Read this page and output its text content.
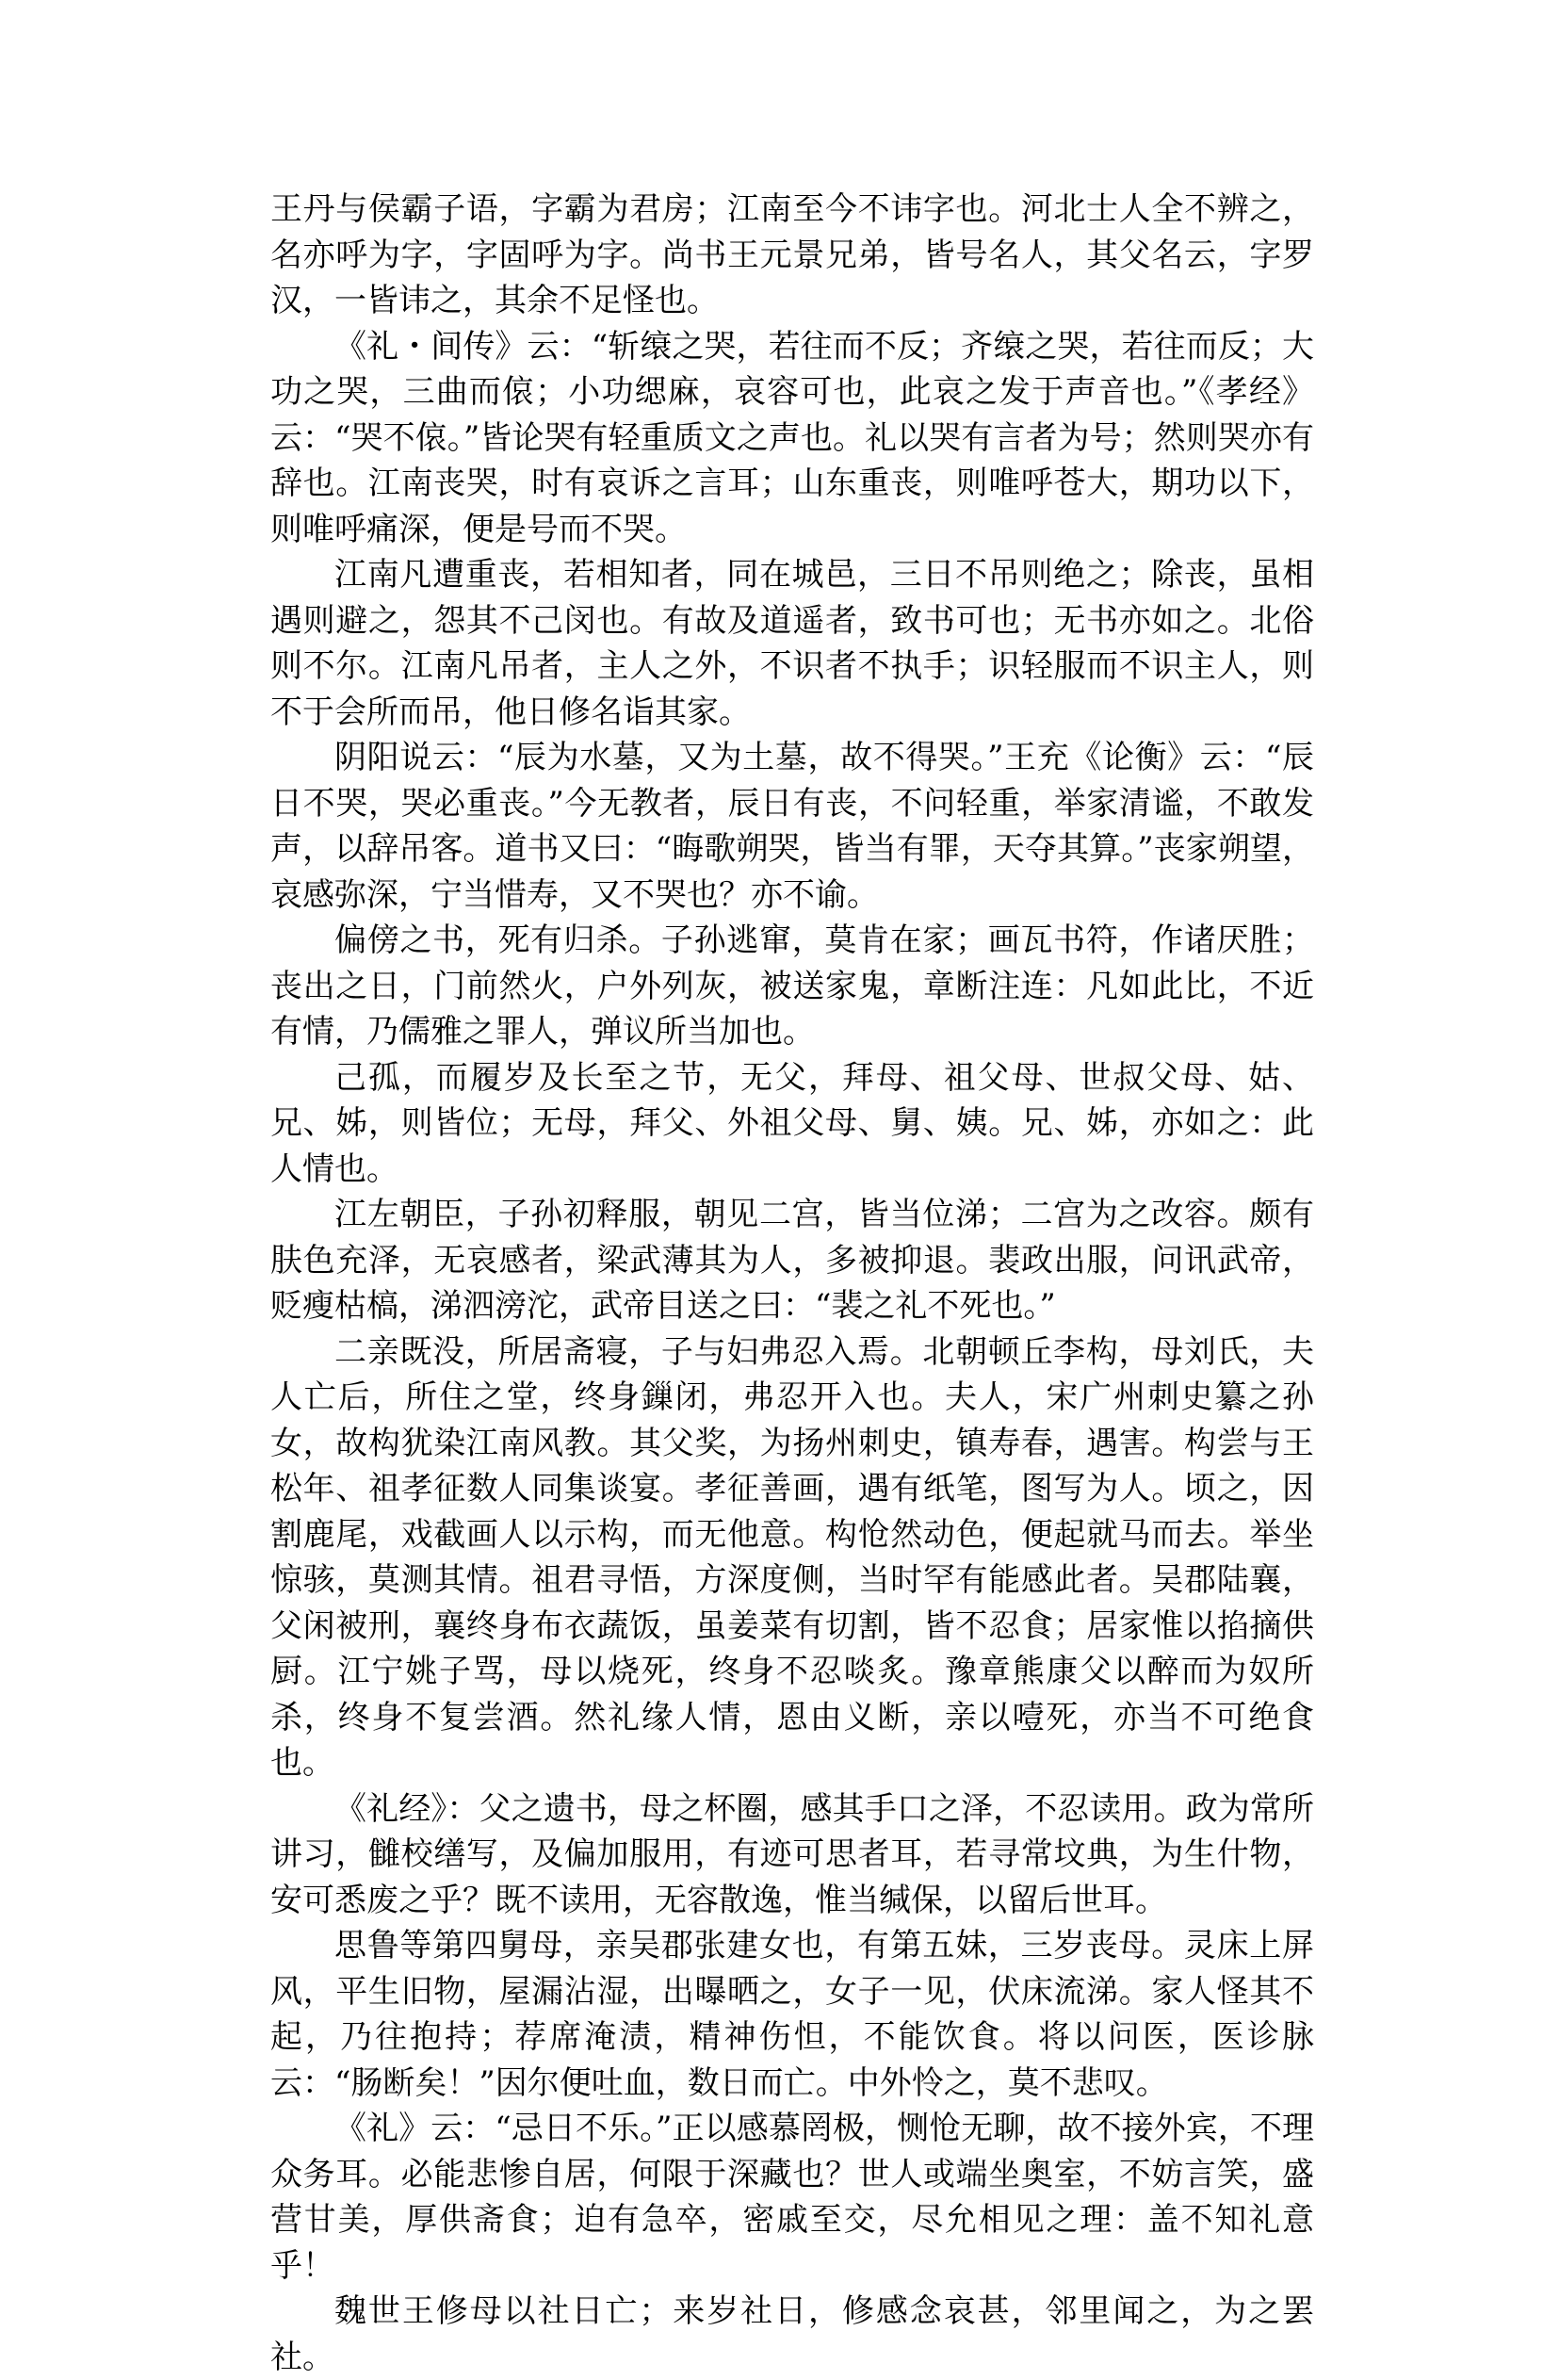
王丹与侯霸子语，字霸为君房；江南至今不讳字也。河北士人全不辨之，名亦呼为字，字固呼为字。尚书王元景兄弟，皆号名人，其父名云，字罗汉，一皆讳之，其余不足怪也。

《礼・间传》云：“斩缞之哭，若往而不反；齐缞之哭，若往而反；大功之哭，三曲而偯；小功缌麻，哀容可也，此哀之发于声音也。”《孝经》云：“哭不偯。”皆论哭有轻重质文之声也。礼以哭有言者为号；然则哭亦有辞也。江南丧哭，时有哀诉之言耳；山东重丧，则唯呼苍大，期功以下，则唯呼痛深，便是号而不哭。

江南凡遭重丧，若相知者，同在城邑，三日不吊则绝之；除丧，虽相遇则避之，怨其不己闵也。有故及道遥者，致书可也；无书亦如之。北俗则不尔。江南凡吊者，主人之外，不识者不执手；识轻服而不识主人，则不于会所而吊，他日修名诣其家。

阴阳说云：“辰为水墓，又为土墓，故不得哭。”王充《论衡》云：“辰日不哭，哭必重丧。”今无教者，辰日有丧，不问轻重，举家清谧，不敢发声，以辞吊客。道书又曰：“晦歌朔哭，皆当有罪，天夺其算。”丧家朔望，哀感弥深，宁当惜寿，又不哭也？亦不谕。

偏傍之书，死有归杀。子孙逃窜，莫肯在家；画瓦书符，作诸厌胜；丧出之日，门前然火，户外列灰，被送家鬼，章断注连：凡如此比，不近有情，乃儒雅之罪人，弹议所当加也。

己孤，而履岁及长至之节，无父，拜母、祖父母、世叔父母、姑、兄、姊，则皆位；无母，拜父、外祖父母、舅、姨。兄、姊，亦如之：此人情也。

江左朝臣，子孙初释服，朝见二宫，皆当位涕；二宫为之改容。颇有肤色充泽，无哀感者，梁武薄其为人，多被抑退。裴政出服，问讯武帝，贬瘦枯槁，涕泗滂沱，武帝目送之曰：“裴之礼不死也。”

二亲既没，所居斋寝，子与妇弗忍入焉。北朝顿丘李构，母刘氏，夫人亡后，所住之堂，终身鏁闭，弗忍开入也。夫人，宋广州刺史纂之孙女，故构犹染江南风教。其父奖，为扬州刺史，镇寿春，遇害。构尝与王松年、祖孝征数人同集谈宴。孝征善画，遇有纸笔，图写为人。顷之，因割鹿尾，戏截画人以示构，而无他意。构怆然动色，便起就马而去。举坐惊骇，莫测其情。祖君寻悟，方深度侧，当时罕有能感此者。吴郡陆襄，父闲被刑，襄终身布衣蔬饭，虽姜菜有切割，皆不忍食；居家惟以掐摘供厨。江宁姚子骂，母以烧死，终身不忍啖炙。豫章熊康父以醉而为奴所杀，终身不复尝酒。然礼缘人情，恩由义断，亲以噎死，亦当不可绝食也。

《礼经》：父之遗书，母之杯圈，感其手口之泽，不忍读用。政为常所讲习，雠校缮写，及偏加服用，有迹可思者耳，若寻常坟典，为生什物，安可悉废之乎？既不读用，无容散逸，惟当缄保，以留后世耳。

思鲁等第四舅母，亲吴郡张建女也，有第五妹，三岁丧母。灵床上屏风，平生旧物，屋漏沾湿，出曝晒之，女子一见，伏床流涕。家人怪其不起，乃往抱持；荐席淹渍，精神伤怛，不能饮食。将以问医，医诊脉云：“肠断矣！”因尔便吐血，数日而亡。中外怜之，莫不悲叹。

《礼》云：“忌日不乐。”正以感慕罔极，恻怆无聊，故不接外宾，不理众务耳。必能悲惨自居，何限于深藏也？世人或端坐奥室，不妨言笑，盛营甘美，厚供斋食；迫有急卒，密戚至交，尽允相见之理：盖不知礼意乎！

魏世王修母以社日亡；来岁社日，修感念哀甚，邻里闻之，为之罢社。
